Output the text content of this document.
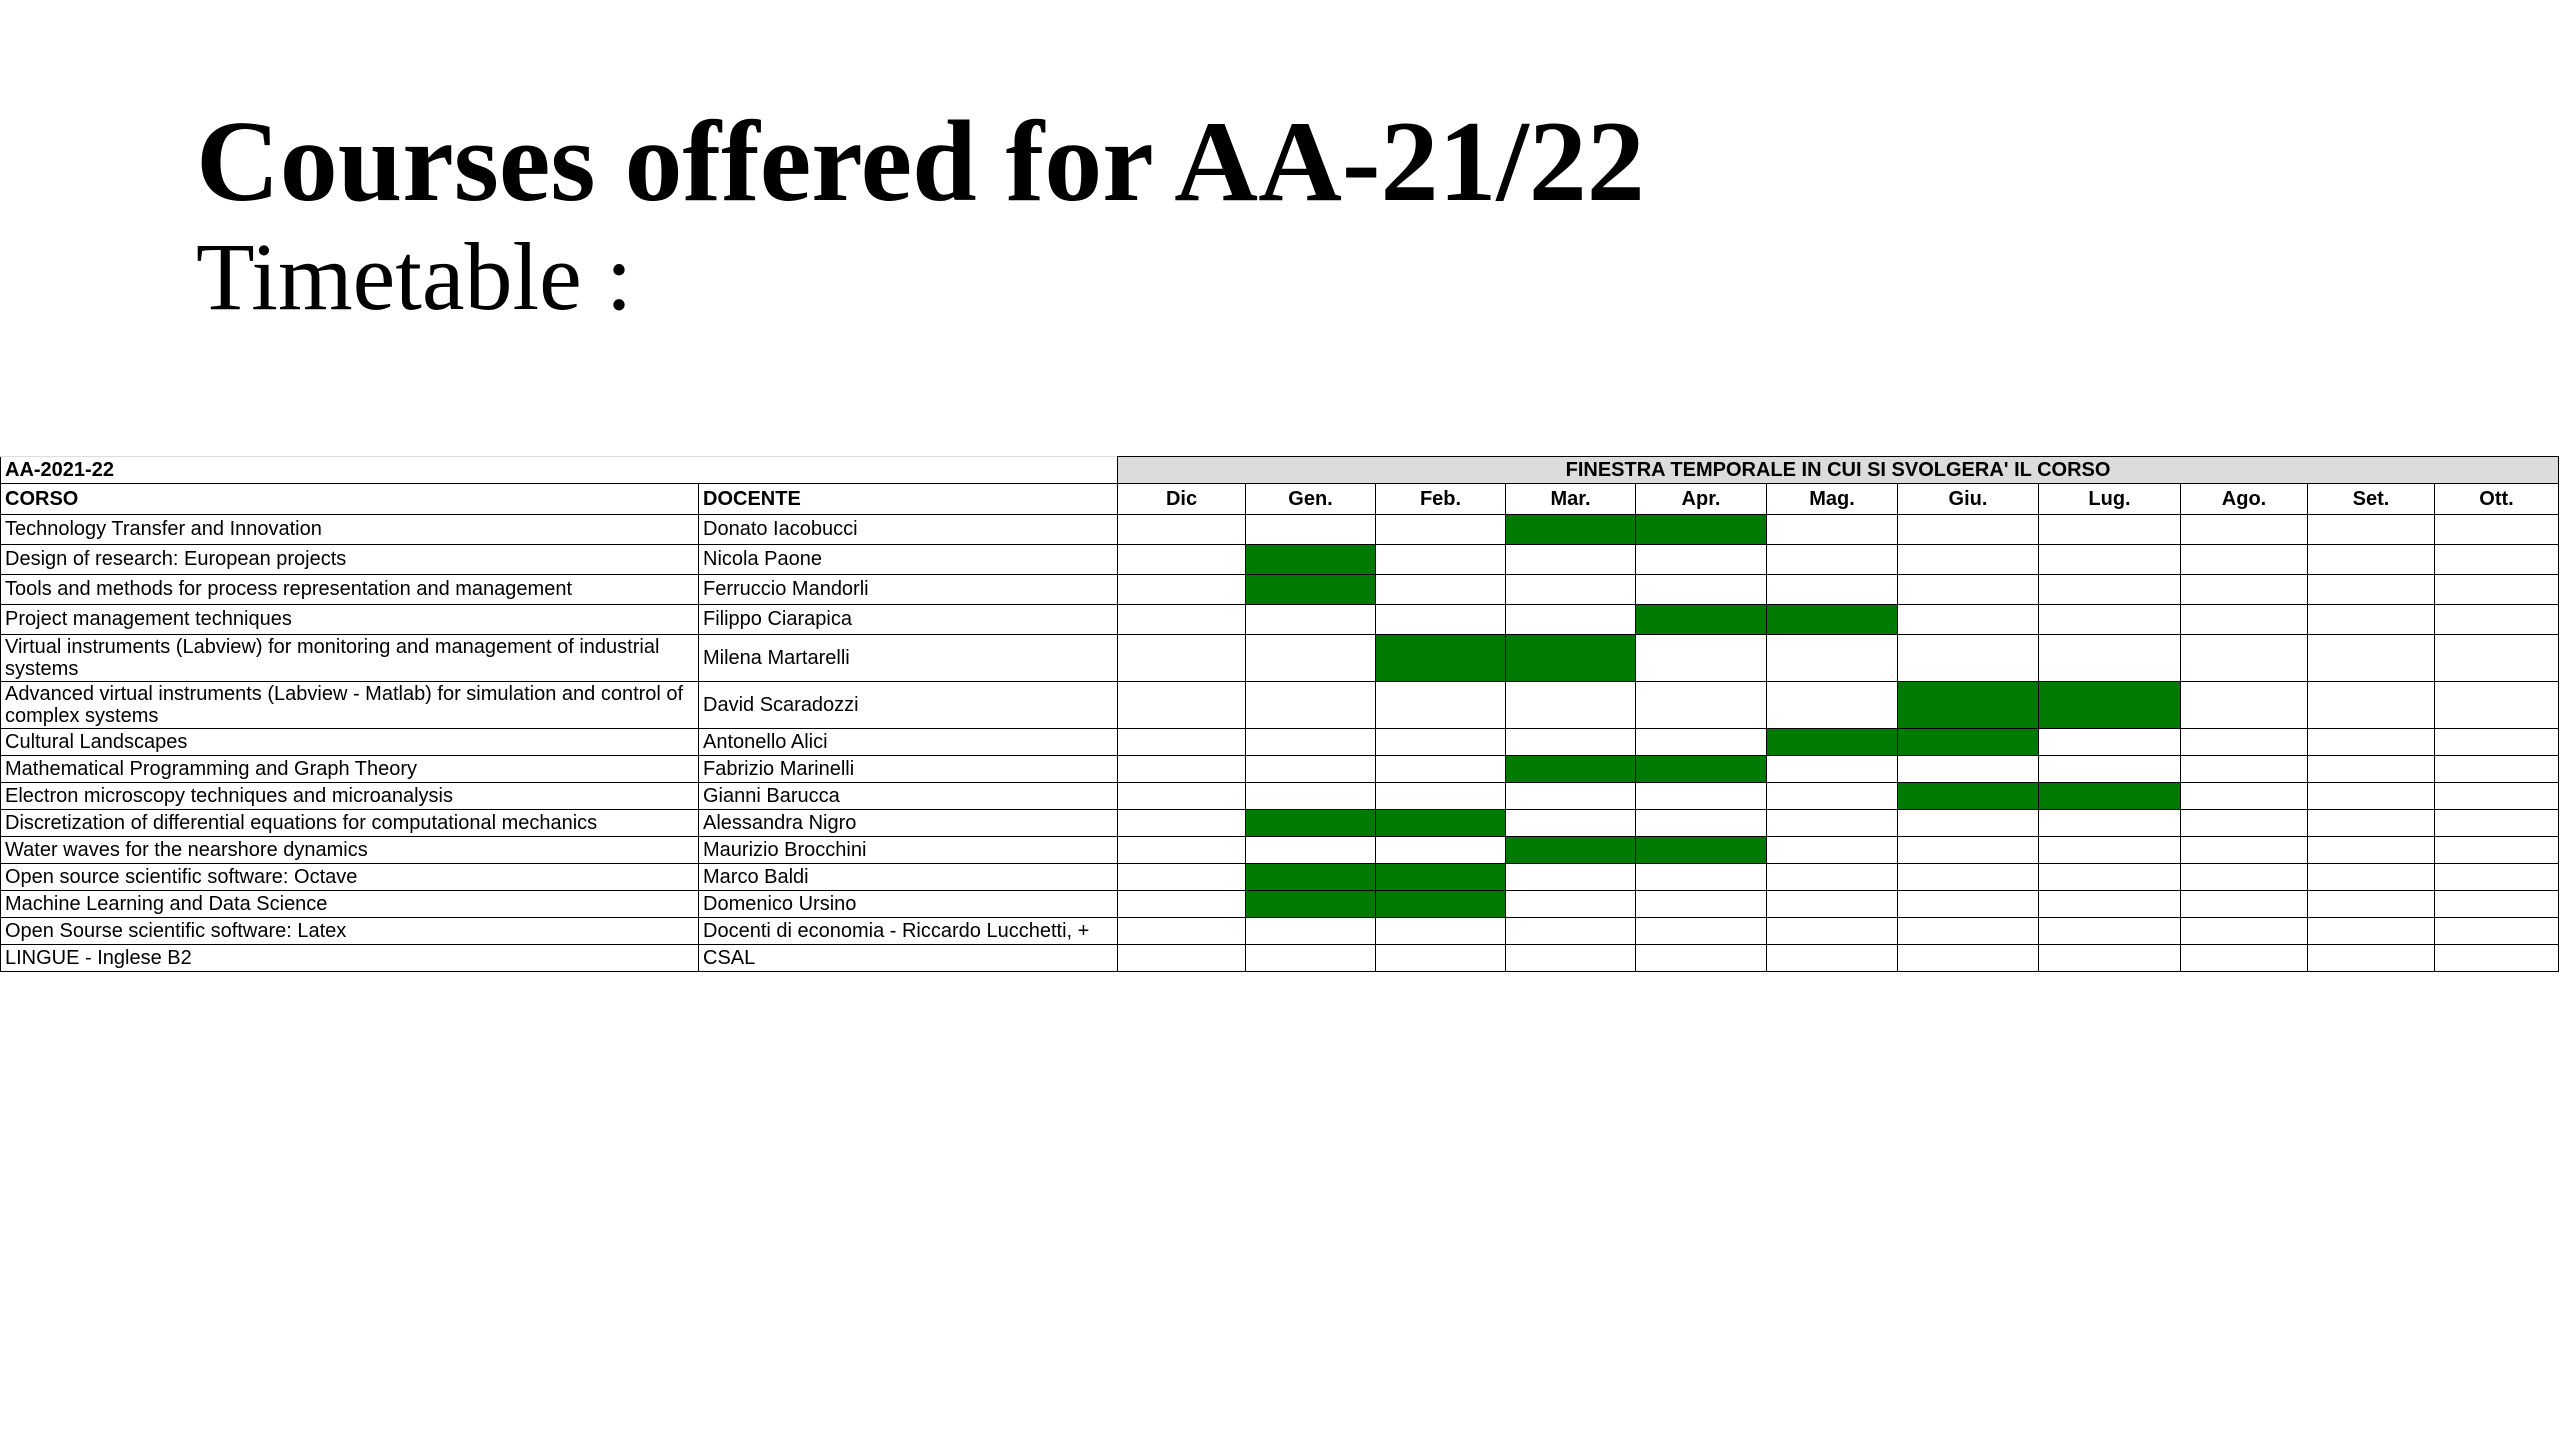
Courses offered for AA-21/22
Timetable :
AA-2021-22		FINESTRA TEMPORALE IN CUI SI SVOLGERA' IL CORSO										
CORSO	DOCENTE	Dic	Gen.	Feb.	Mar.	Apr.	Mag.	Giu.	Lug.	Ago.	Set.	Ott.
Technology Transfer and Innovation	Donato Iacobucci											
Design of research: European projects	Nicola Paone											
Tools and methods for process representation and management	Ferruccio Mandorli											
Project management techniques	Filippo Ciarapica											
Virtual instruments (Labview) for monitoring and management of industrial systems	Milena Martarelli											
Advanced virtual instruments (Labview - Matlab) for simulation and control of complex systems	David Scaradozzi											
Cultural Landscapes	Antonello Alici											
Mathematical Programming and Graph Theory	Fabrizio Marinelli											
Electron microscopy techniques and microanalysis	Gianni Barucca											
Discretization of differential equations for computational mechanics	Alessandra Nigro											
Water waves for the nearshore dynamics	Maurizio Brocchini											
Open source scientific software: Octave	Marco Baldi											
Machine Learning and Data Science	Domenico Ursino											
Open Sourse scientific software: Latex	Docenti di economia - Riccardo Lucchetti, +											
LINGUE - Inglese B2	CSAL											
